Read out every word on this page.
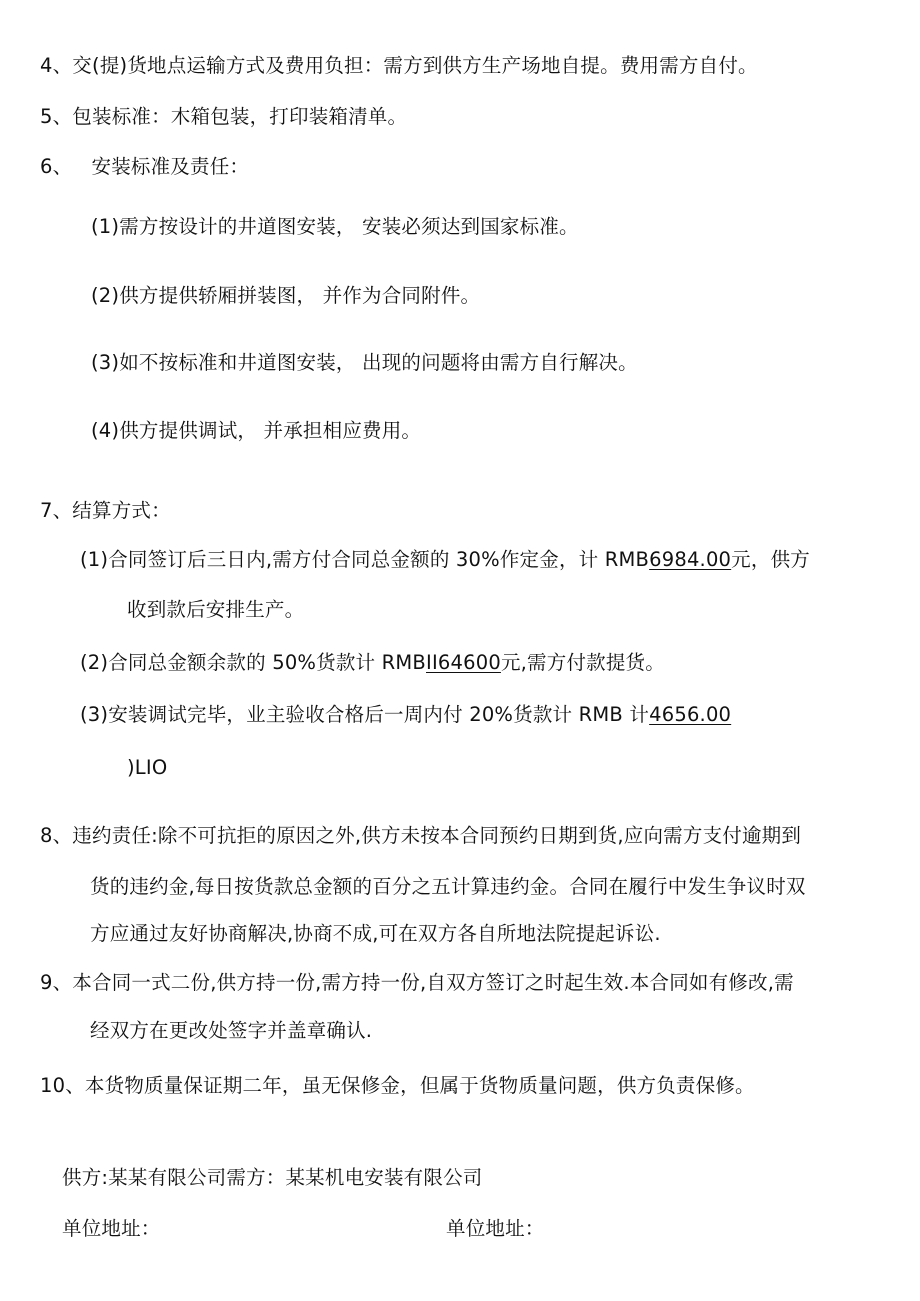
4、交(提)货地点运输方式及费用负担：需方到供方生产场地自提。费用需方自付。
5、包装标准：木箱包装，打印装箱清单。
6、   安装标准及责任：
(1)需方按设计的井道图安装， 安装必须达到国家标准。
(2)供方提供轿厢拼装图， 并作为合同附件。
(3)如不按标准和井道图安装， 出现的问题将由需方自行解决。
(4)供方提供调试， 并承担相应费用。
7、结算方式：
(1)合同签订后三日内,需方付合同总金额的 30%作定金，计 RMB6984.00元，供方
收到款后安排生产。
(2)合同总金额余款的 50%货款计 RMBII64600元,需方付款提货。
(3)安装调试完毕，业主验收合格后一周内付 20%货款计 RMB 计4656.00
)LIO
8、违约责任:除不可抗拒的原因之外,供方未按本合同预约日期到货,应向需方支付逾期到
货的违约金,每日按货款总金额的百分之五计算违约金。合同在履行中发生争议时双
方应通过友好协商解决,协商不成,可在双方各自所地法院提起诉讼.
9、本合同一式二份,供方持一份,需方持一份,自双方签订之时起生效.本合同如有修改,需
经双方在更改处签字并盖章确认.
10、本货物质量保证期二年，虽无保修金，但属于货物质量问题，供方负责保修。
供方:某某有限公司需方：某某机电安装有限公司
单位地址：	单位地址：
